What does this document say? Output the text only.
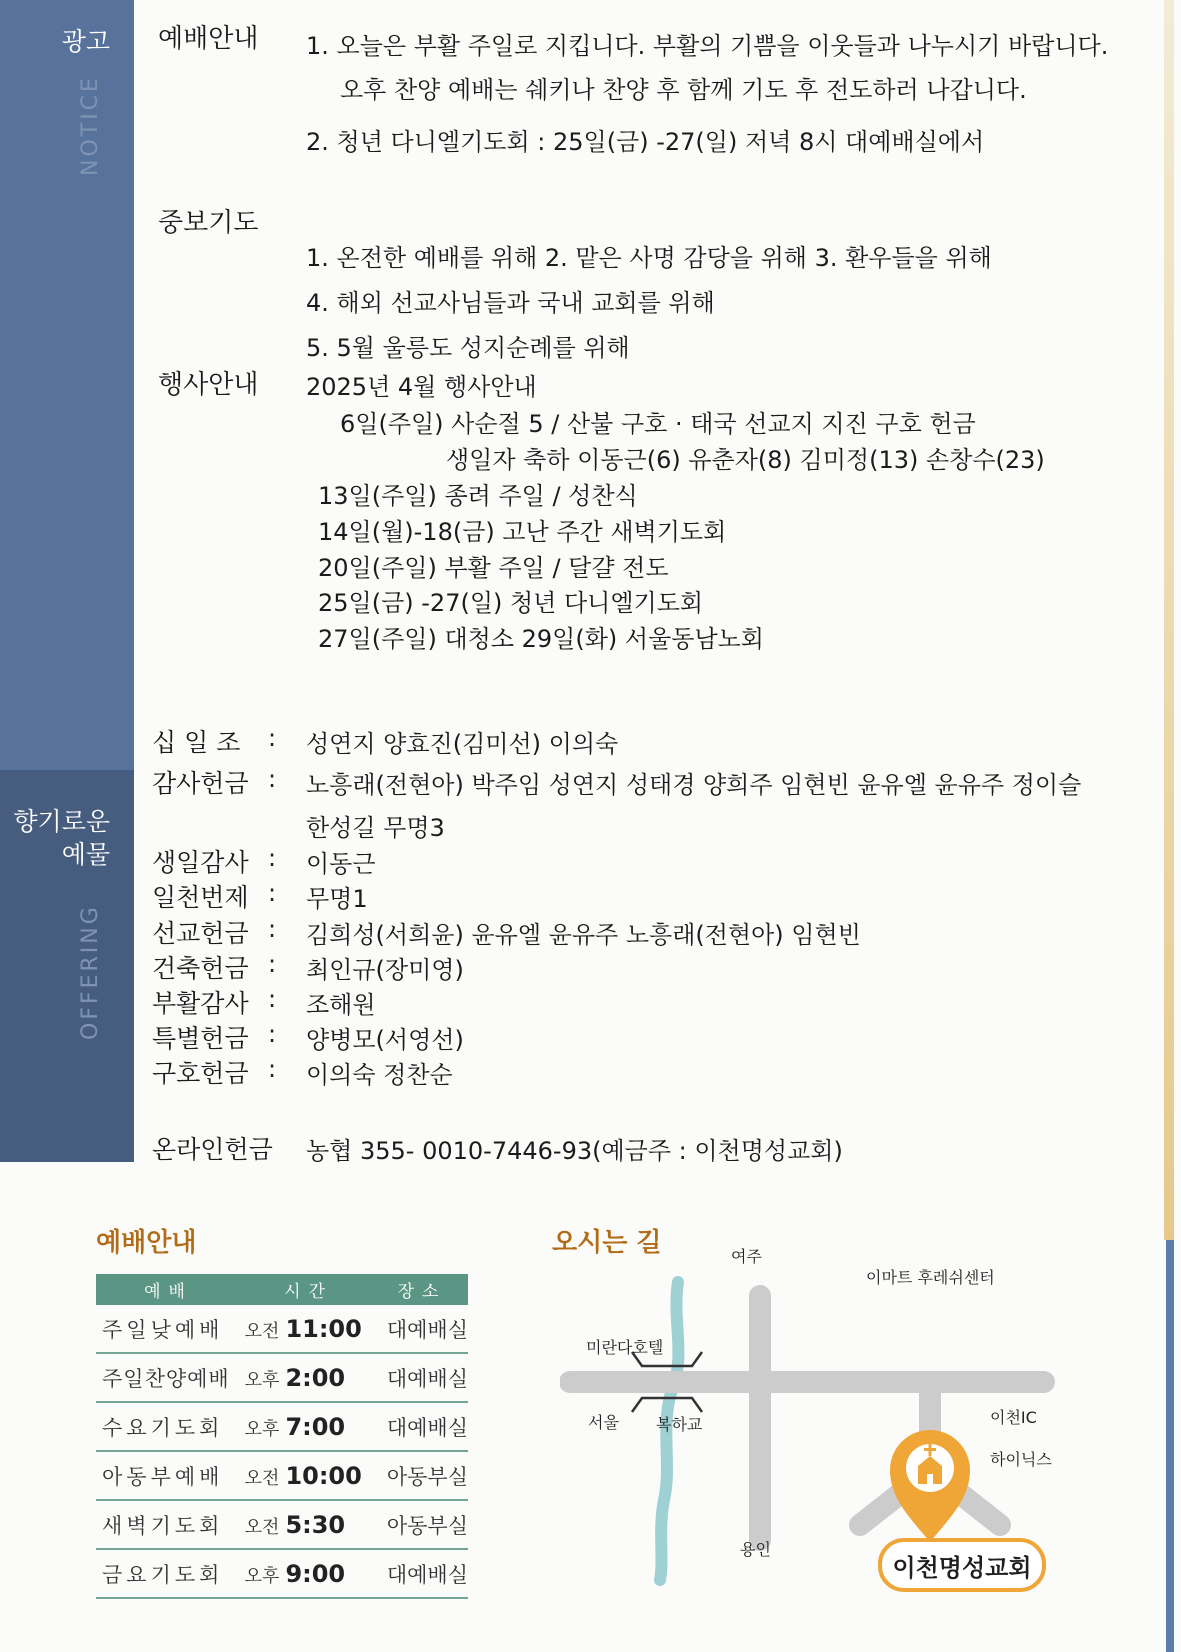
광고
NOTICE
향기로운
예물
OFFERING
예배안내 1. 오늘은 부활 주일로 지킵니다. 부활의 기쁨을 이웃들과 나누시기 바랍니다.
오후 찬양 예배는 쉐키나 찬양 후 함께 기도 후 전도하러 나갑니다.
2. 청년 다니엘기도회 : 25일(금) -27(일) 저녁 8시 대예배실에서
중보기도
1. 온전한 예배를 위해 2. 맡은 사명 감당을 위해 3. 환우들을 위해
4. 해외 선교사님들과 국내 교회를 위해
5. 5월 울릉도 성지순례를 위해
행사안내 2025년 4월 행사안내
6일(주일) 사순절 5 / 산불 구호 · 태국 선교지 지진 구호 헌금
생일자 축하 이동근(6) 유춘자(8) 김미정(13) 손창수(23)
13일(주일) 종려 주일 / 성찬식
14일(월)-18(금) 고난 주간 새벽기도회
20일(주일) 부활 주일 / 달걀 전도
25일(금) -27(일) 청년 다니엘기도회
27일(주일) 대청소 29일(화) 서울동남노회
십 일 조 : 성연지 양효진(김미선) 이의숙
감사헌금 : 노흥래(전현아) 박주임 성연지 성태경 양희주 임현빈 윤유엘 윤유주 정이슬
한성길 무명3
생일감사 : 이동근
일천번제 : 무명1
선교헌금 : 김희성(서희윤) 윤유엘 윤유주 노흥래(전현아) 임현빈
건축헌금 : 최인규(장미영)
부활감사 : 조해원
특별헌금 : 양병모(서영선)
구호헌금 : 이의숙 정찬순
온라인헌금 농협 355- 0010-7446-93(예금주 : 이천명성교회)
예배안내
예배	시간	장소
주일낮예배	오전 11:00	대예배실
주일찬양예배 오후 2:00	대예배실
수요기도회	오후 7:00	대예배실
아동부예배	오전 10:00	아동부실
새벽기도회	오전 5:30	아동부실
금요기도회	오후 9:00	대예배실
오시는 길	여주
이마트 후레쉬센터
미란다호텔
서울 복하교	이천IC
하이닉스
용인
이천명성교회
